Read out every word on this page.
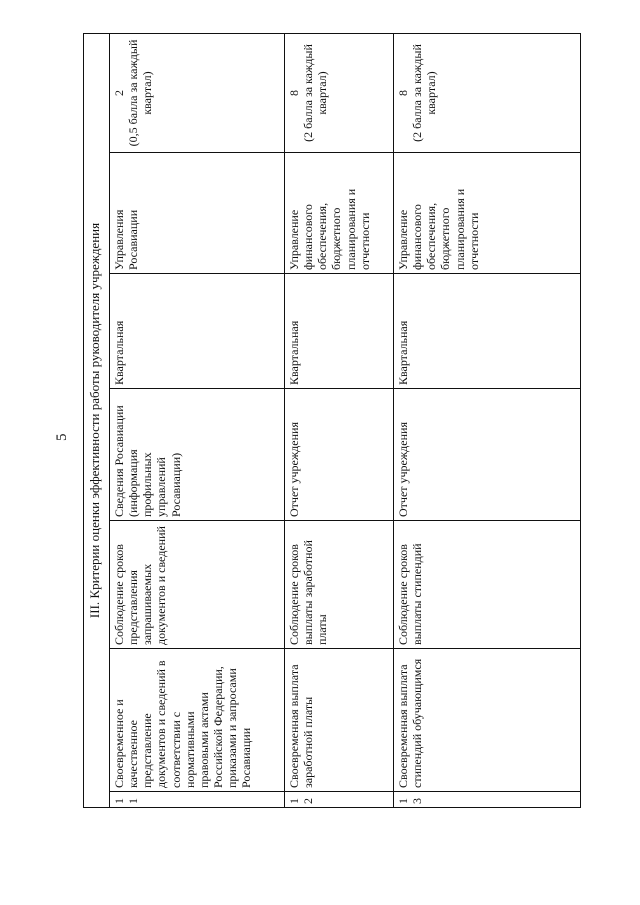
5 III. Критерии оценки эффективности работы руководителя учреждения						
11	Своевременное и качественное представление документов и сведений в соответствии с нормативными правовыми актами Российской Федерации, приказами и запросами Росавиации	Соблюдение сроков представления запрашиваемых документов и сведений	Сведения Росавиации (информация профильных управлений Росавиации)	Квартальная	Управления Росавиации	2
(0,5 балла за каждый квартал)
12	Своевременная выплата заработной платы	Соблюдение сроков выплаты заработной платы	Отчет учреждения	Квартальная	Управление финансового обеспечения, бюджетного планирования и отчетности	8
(2 балла за каждый квартал)
13	Своевременная выплата стипендий обучающимся	Соблюдение сроков выплаты стипендий	Отчет учреждения	Квартальная	Управление финансового обеспечения, бюджетного планирования и отчетности	8
(2 балла за каждый квартал)
